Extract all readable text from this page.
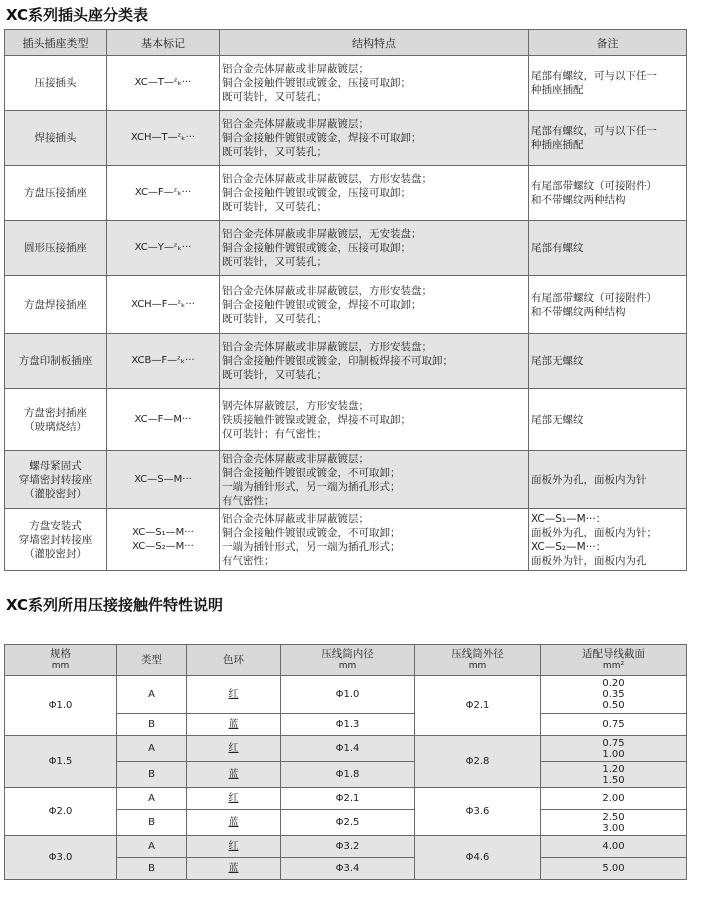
XC系列插头座分类表
插头插座类型	基本标记	结构特点	备注

压接插头	XC—T—ᶻₖ···	铝合金壳体屏蔽或非屏蔽镀层；
铜合金接触件镀银或镀金，压接可取卸；
既可装针，又可装孔；	尾部有螺纹，可与以下任一
种插座插配

焊接插头	XCH—T—ᶻₖ···	铝合金壳体屏蔽或非屏蔽镀层；
铜合金接触件镀银或镀金，焊接不可取卸；
既可装针，又可装孔；	尾部有螺纹，可与以下任一
种插座插配

方盘压接插座	XC—F—ᶻₖ···	铝合金壳体屏蔽或非屏蔽镀层，方形安装盘；
铜合金接触件镀银或镀金，压接可取卸；
既可装针，又可装孔；	有尾部带螺纹（可接附件）
和不带螺纹两种结构

圆形压接插座	XC—Y—ᶻₖ···	铝合金壳体屏蔽或非屏蔽镀层，无安装盘；
铜合金接触件镀银或镀金，压接可取卸；
既可装针，又可装孔；	尾部有螺纹

方盘焊接插座	XCH—F—ᶻₖ···	铝合金壳体屏蔽或非屏蔽镀层，方形安装盘；
铜合金接触件镀银或镀金，焊接不可取卸；
既可装针，又可装孔；	有尾部带螺纹（可接附件）
和不带螺纹两种结构

方盘印制板插座	XCB—F—ᶻₖ···	铝合金壳体屏蔽或非屏蔽镀层，方形安装盘；
铜合金接触件镀银或镀金，印制板焊接不可取卸；
既可装针，又可装孔；	尾部无螺纹

方盘密封插座
（玻璃烧结）	XC—F—M···	钢壳体屏蔽镀层，方形安装盘；
铁质接触件镀镍或镀金，焊接不可取卸；
仅可装针；有气密性；	尾部无螺纹

螺母紧固式
穿墙密封转接座
（灌胶密封）	XC—S—M···	铝合金壳体屏蔽或非屏蔽镀层；
铜合金接触件镀银或镀金，不可取卸；
一端为插针形式，另一端为插孔形式；
有气密性；	面板外为孔，面板内为针

方盘安装式
穿墙密封转接座
（灌胶密封）	XC—S₁—M···
XC—S₂—M···	铝合金壳体屏蔽或非屏蔽镀层；
铜合金接触件镀银或镀金，不可取卸；
一端为插针形式，另一端为插孔形式；
有气密性；	XC—S₁—M···：
面板外为孔，面板内为针；
XC—S₂—M···：
面板外为针，面板内为孔
XC系列所用压接接触件特性说明
规格
mm	类型	色环	压线筒内径
mm	压线筒外径
mm	适配导线截面
mm²

Φ1.0	A	红	Φ1.0	Φ2.1	0.20
0.35
0.50

	B	蓝	Φ1.3		0.75

Φ1.5	A	红	Φ1.4	Φ2.8	0.75
1.00

	B	蓝	Φ1.8		1.20
1.50

Φ2.0	A	红	Φ2.1	Φ3.6	2.00

	B	蓝	Φ2.5		2.50
3.00

Φ3.0	A	红	Φ3.2	Φ4.6	4.00

	B	蓝	Φ3.4		5.00
